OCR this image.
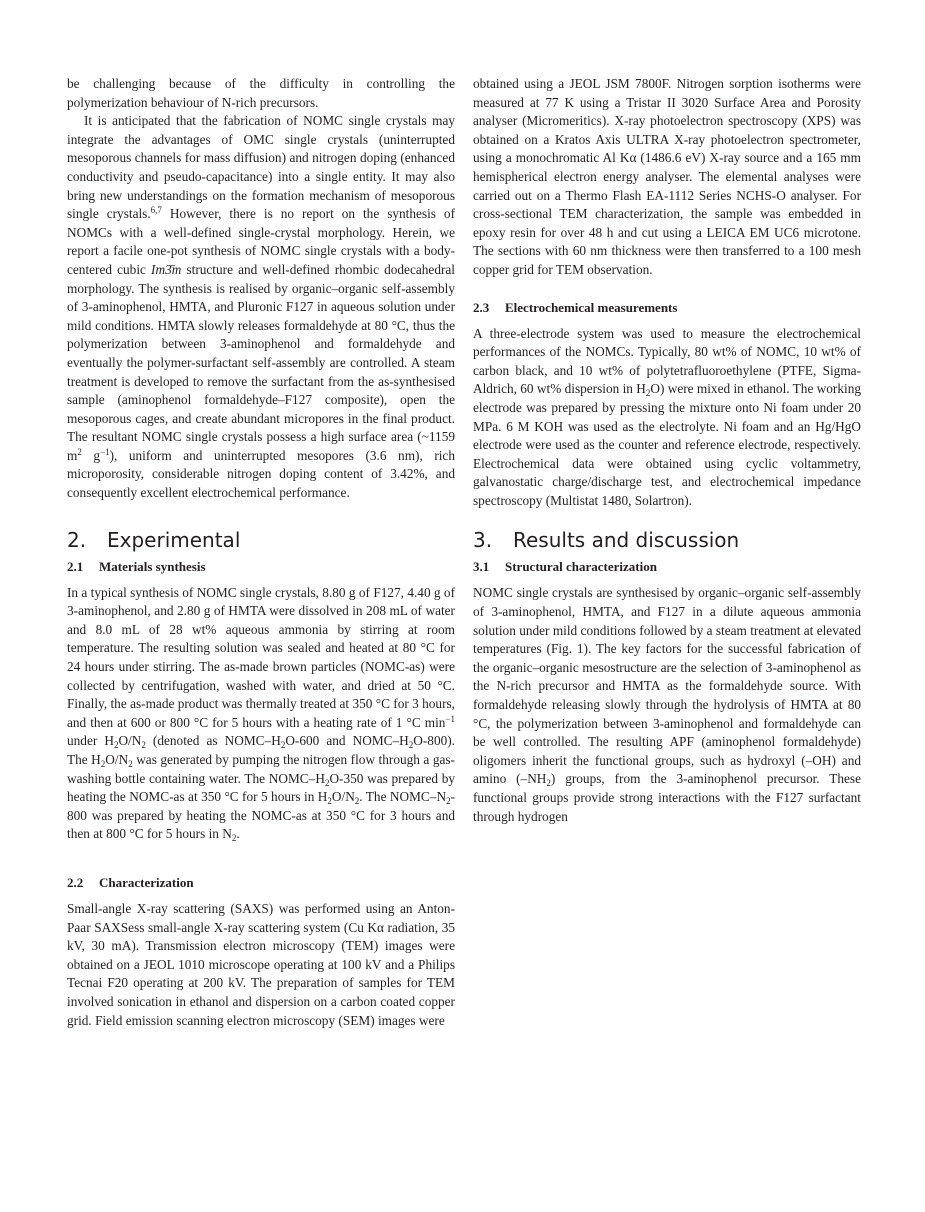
be challenging because of the difficulty in controlling the polymerization behaviour of N-rich precursors.

It is anticipated that the fabrication of NOMC single crystals may integrate the advantages of OMC single crystals (uninterrupted mesoporous channels for mass diffusion) and nitrogen doping (enhanced conductivity and pseudo-capacitance) into a single entity. It may also bring new understandings on the formation mechanism of mesoporous single crystals.$^{6,7}$ However, there is no report on the synthesis of NOMCs with a well-defined single-crystal morphology. Herein, we report a facile one-pot synthesis of NOMC single crystals with a body-centered cubic Im3̄m structure and well-defined rhombic dodecahedral morphology. The synthesis is realised by organic–organic self-assembly of 3-aminophenol, HMTA, and Pluronic F127 in aqueous solution under mild conditions. HMTA slowly releases formaldehyde at 80 °C, thus the polymerization between 3-aminophenol and formaldehyde and eventually the polymer-surfactant self-assembly are controlled. A steam treatment is developed to remove the surfactant from the as-synthesised sample (aminophenol formaldehyde–F127 composite), open the mesoporous cages, and create abundant micropores in the final product. The resultant NOMC single crystals possess a high surface area (~1159 $m^2$ $g^{-1}$), uniform and uninterrupted mesopores (3.6 nm), rich microporosity, considerable nitrogen doping content of 3.42%, and consequently excellent electrochemical performance.

2. Experimental
2.1 Materials synthesis

In a typical synthesis of NOMC single crystals, 8.80 g of F127, 4.40 g of 3-aminophenol, and 2.80 g of HMTA were dissolved in 208 mL of water and 8.0 mL of 28 wt% aqueous ammonia by stirring at room temperature. The resulting solution was sealed and heated at 80 °C for 24 hours under stirring. The as-made brown particles (NOMC-as) were collected by centrifugation, washed with water, and dried at 50 °C. Finally, the as-made product was thermally treated at 350 °C for 3 hours, and then at 600 or 800 °C for 5 hours with a heating rate of 1 °C $\min^{-1}$ under $H_2O/N_2$ (denoted as NOMC–$H_2O-600$ and NOMC–$H_2O-800$). The $H_2O/N_2$ was generated by pumping the nitrogen flow through a gas-washing bottle containing water. The NOMC–$H_2O-350$ was prepared by heating the NOMC-as at 350 °C for 5 hours in $H_2O/N_2$. The NOMC–$N_2-800$ was prepared by heating the NOMC-as at 350 °C for 3 hours and then at 800 °C for 5 hours in $N_2$.

2.2 Characterization

Small-angle X-ray scattering (SAXS) was performed using an Anton-Paar SAXSess small-angle X-ray scattering system (Cu Kα radiation, 35 kV, 30 mA). Transmission electron microscopy (TEM) images were obtained on a JEOL 1010 microscope operating at 100 kV and a Philips Tecnai F20 operating at 200 kV. The preparation of samples for TEM involved sonication in ethanol and dispersion on a carbon coated copper grid. Field emission scanning electron microscopy (SEM) images were

obtained using a JEOL JSM 7800F. Nitrogen sorption isotherms were measured at 77 K using a Tristar II 3020 Surface Area and Porosity analyser (Micromeritics). X-ray photoelectron spectroscopy (XPS) was obtained on a Kratos Axis ULTRA X-ray photoelectron spectrometer, using a monochromatic Al Kα (1486.6 eV) X-ray source and a 165 mm hemispherical electron energy analyser. The elemental analyses were carried out on a Thermo Flash EA-1112 Series NCHS-O analyser. For cross-sectional TEM characterization, the sample was embedded in epoxy resin for over 48 h and cut using a LEICA EM UC6 microtone. The sections with 60 nm thickness were then transferred to a 100 mesh copper grid for TEM observation.

2.3 Electrochemical measurements

A three-electrode system was used to measure the electrochemical performances of the NOMCs. Typically, 80 wt% of NOMC, 10 wt% of carbon black, and 10 wt% of polytetrafluoroethylene (PTFE, Sigma-Aldrich, 60 wt% dispersion in $H_2O$) were mixed in ethanol. The working electrode was prepared by pressing the mixture onto Ni foam under 20 MPa. 6 M KOH was used as the electrolyte. Ni foam and an Hg/HgO electrode were used as the counter and reference electrode, respectively. Electrochemical data were obtained using cyclic voltammetry, galvanostatic charge/discharge test, and electrochemical impedance spectroscopy (Multistat 1480, Solartron).

3. Results and discussion
3.1 Structural characterization

NOMC single crystals are synthesised by organic–organic self-assembly of 3-aminophenol, HMTA, and F127 in a dilute aqueous ammonia solution under mild conditions followed by a steam treatment at elevated temperatures (Fig. 1). The key factors for the successful fabrication of the organic–organic mesostructure are the selection of 3-aminophenol as the N-rich precursor and HMTA as the formaldehyde source. With formaldehyde releasing slowly through the hydrolysis of HMTA at 80 °C, the polymerization between 3-aminophenol and formaldehyde can be well controlled. The resulting APF (aminophenol formaldehyde) oligomers inherit the functional groups, such as hydroxyl (–OH) and amino $(-NH_2)$ groups, from the 3-aminophenol precursor. These functional groups provide strong interactions with the F127 surfactant through hydrogen
